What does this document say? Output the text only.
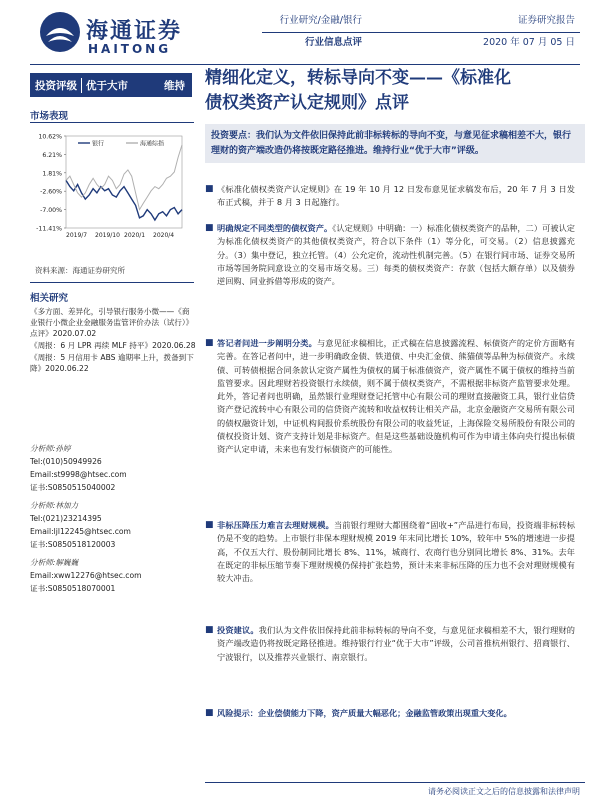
海通证券
HAITONG
行业研究/金融/银行
行业信息点评
证券研究报告
2020 年 07 月 05 日
投资评级 优于大市	维持
市场表现
10.62%
6.21%
1.81%
-2.60%
-7.00%
-11.41%
2019/7 2019/10 2020/1 2020/4
银行	海通综指
资料来源：海通证券研究所
相关研究
《多方面、差异化，引导银行服务小微——《商业银行小微企业金融服务监管评价办法（试行）》点评》2020.07.02
《周报：6 月 LPR 再续 MLF 持平》2020.06.28
《周报：5 月信用卡 ABS 逾期率上升，拨备到下降》2020.06.22
分析师:孙婷
Tel:(010)50949926
Email:st9998@htsec.com
证书:S0850515040002
分析师:林加力
Tel:(021)23214395
Email:ljl12245@htsec.com
证书:S0850518120003
分析师:解巍巍
Email:xww12276@htsec.com
证书:S0850518070001
精细化定义，转标导向不变——《标准化
债权类资产认定规则》点评
投资要点：我们认为文件依旧保持此前非标转标的导向不变，与意见征求稿相差不大，银行理财的资产端改造仍将按既定路径推进。维持行业“优于大市”评级。
■ 《标准化债权类资产认定规则》在 19 年 10 月 12 日发布意见征求稿发布后，20 年 7 月 3 日发布正式稿，并于 8 月 3 日起施行。
■ 明确规定不同类型的债权资产。《认定规则》中明确：一）标准化债权类资产的品种，二）可被认定为标准化债权类资产的其他债权类资产，符合以下条件（1）等分化，可交易。（2）信息披露充分。（3）集中登记，独立托管。（4）公允定价，流动性机制完善。（5）在银行间市场、证券交易所市场等国务院同意设立的交易市场交易。三）每类的债权类资产：存款（包括大额存单）以及债券逆回购、同业拆借等形成的资产。
■ 答记者问进一步阐明分类。与意见征求稿相比，正式稿在信息披露流程、标债资产的定价方面略有完善。在答记者问中，进一步明确政金债、铁道债、中央汇金债、熊猫债等品种为标债资产。永续债、可转债根据合同条款认定资产属性为债权的属于标准债资产，资产属性不属于债权的维持当前监管要求。因此理财若投资银行永续债，则不属于债权类资产，不需根据非标资产监管要求处理。此外，答记者问也明确，虽然银行业理财登记托管中心有限公司的理财直接融资工具，银行业信贷资产登记流转中心有限公司的信贷资产流转和收益权转让相关产品，北京金融资产交易所有限公司的债权融资计划，中证机构间报价系统股份有限公司的收益凭证，上海保险交易所股份有限公司的债权投资计划、资产支持计划是非标资产。但是这些基础设施机构可作为申请主体向央行提出标债资产认定申请，未来也有发行标债资产的可能性。
■ 非标压降压力难言去理财规模。当前银行理财大都围绕着“固收+”产品进行布局，投资端非标转标仍是不变的趋势。上市银行非保本理财规模 2019 年末同比增长 10%，较年中 5%的增速进一步提高，不仅五大行、股份制同比增长 8%、11%，城商行、农商行也分别同比增长 8%、31%。去年在既定的非标压缩节奏下理财规模仍保持扩张趋势，预计未来非标压降的压力也不会对理财规模有较大冲击。
■ 投资建议。我们认为文件依旧保持此前非标转标的导向不变，与意见征求稿相差不大，银行理财的资产端改造仍将按既定路径推进。维持银行行业“优于大市”评级，公司首推杭州银行、招商银行、宁波银行，以及推荐兴业银行、南京银行。
■ 风险提示：企业偿债能力下降，资产质量大幅恶化；金融监管政策出现重大变化。
请务必阅读正文之后的信息披露和法律声明
